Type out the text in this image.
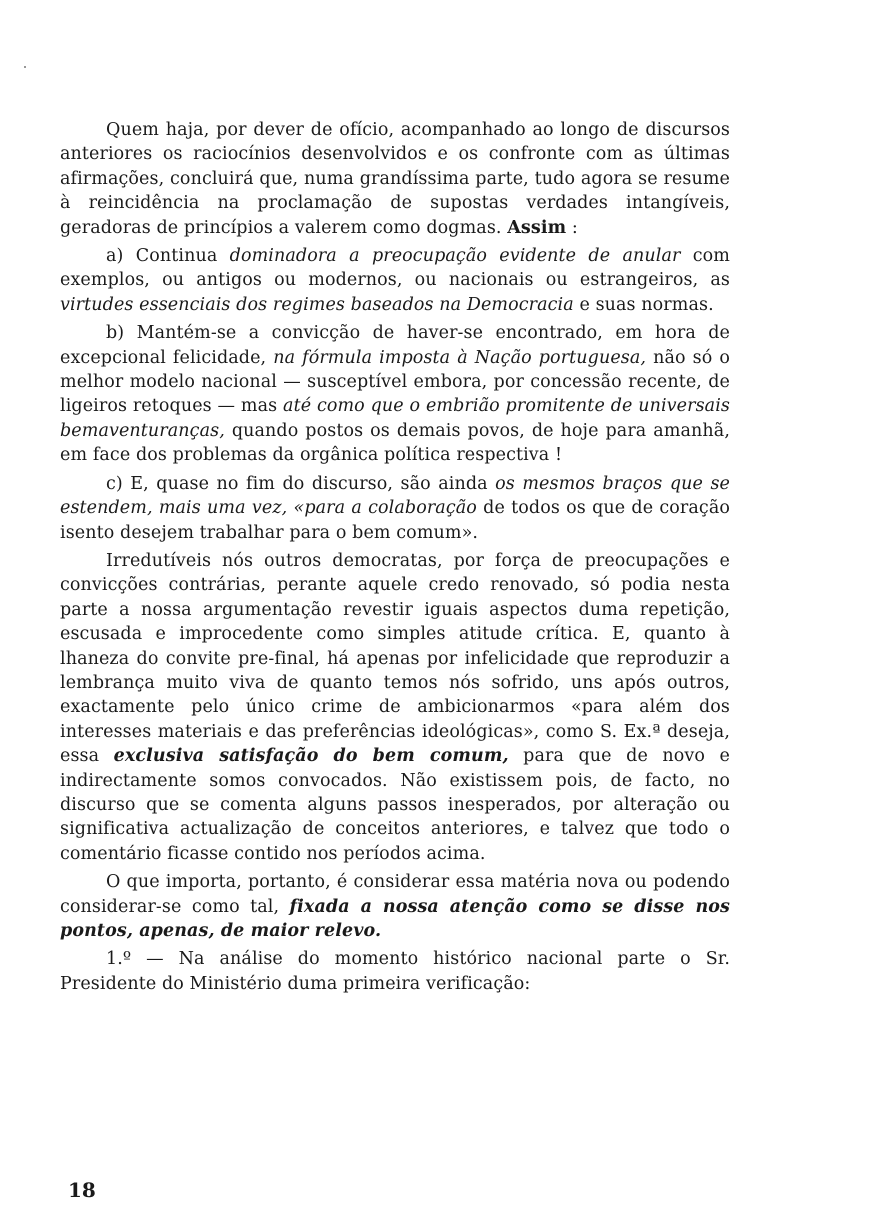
Quem haja, por dever de ofício, acompanhado ao longo de discursos anteriores os raciocínios desenvolvidos e os confronte com as últimas afirmações, concluirá que, numa grandíssima parte, tudo agora se resume à reincidência na proclamação de supostas verdades intangíveis, geradoras de princípios a valerem como dogmas. Assim :

a) Continua dominadora a preocupação evidente de anular com exemplos, ou antigos ou modernos, ou nacionais ou estrangeiros, as virtudes essenciais dos regimes baseados na Democracia e suas normas.

b) Mantém-se a convicção de haver-se encontrado, em hora de excepcional felicidade, na fórmula imposta à Nação portuguesa, não só o melhor modelo nacional — susceptível embora, por concessão recente, de ligeiros retoques — mas até como que o embrião promitente de universais bemaventuranças, quando postos os demais povos, de hoje para amanhã, em face dos problemas da orgânica política respectiva !

c) E, quase no fim do discurso, são ainda os mesmos braços que se estendem, mais uma vez, «para a colaboração de todos os que de coração isento desejem trabalhar para o bem comum».

Irredutíveis nós outros democratas, por força de preocupações e convicções contrárias, perante aquele credo renovado, só podia nesta parte a nossa argumentação revestir iguais aspectos duma repetição, escusada e improcedente como simples atitude crítica. E, quanto à lhaneza do convite pre-final, há apenas por infelicidade que reproduzir a lembrança muito viva de quanto temos nós sofrido, uns após outros, exactamente pelo único crime de ambicionarmos «para além dos interesses materiais e das preferências ideológicas», como S. Ex.ª deseja, essa exclusiva satisfação do bem comum, para que de novo e indirectamente somos convocados. Não existissem pois, de facto, no discurso que se comenta alguns passos inesperados, por alteração ou significativa actualização de conceitos anteriores, e talvez que todo o comentário ficasse contido nos períodos acima.

O que importa, portanto, é considerar essa matéria nova ou podendo considerar-se como tal, fixada a nossa atenção como se disse nos pontos, apenas, de maior relevo.

1.º — Na análise do momento histórico nacional parte o Sr. Presidente do Ministério duma primeira verificação:

18
